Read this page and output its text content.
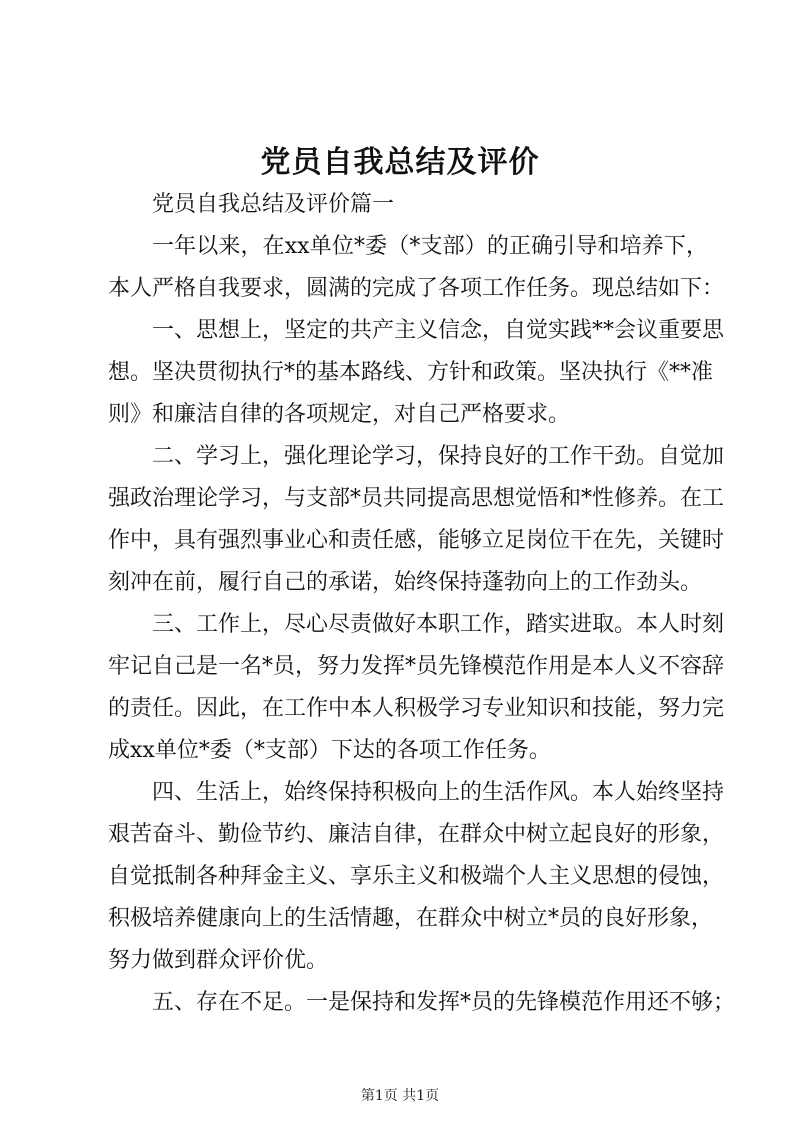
党员自我总结及评价
党员自我总结及评价篇一
一年以来，在xx单位*委（*支部）的正确引导和培养下，
本人严格自我要求，圆满的完成了各项工作任务。现总结如下：
一、思想上，坚定的共产主义信念，自觉实践**会议重要思
想。坚决贯彻执行*的基本路线、方针和政策。坚决执行《**准
则》和廉洁自律的各项规定，对自己严格要求。
二、学习上，强化理论学习，保持良好的工作干劲。自觉加
强政治理论学习，与支部*员共同提高思想觉悟和*性修养。在工
作中，具有强烈事业心和责任感，能够立足岗位干在先，关键时
刻冲在前，履行自己的承诺，始终保持蓬勃向上的工作劲头。
三、工作上，尽心尽责做好本职工作，踏实进取。本人时刻
牢记自己是一名*员，努力发挥*员先锋模范作用是本人义不容辞
的责任。因此，在工作中本人积极学习专业知识和技能，努力完
成xx单位*委（*支部）下达的各项工作任务。
四、生活上，始终保持积极向上的生活作风。本人始终坚持
艰苦奋斗、勤俭节约、廉洁自律，在群众中树立起良好的形象，
自觉抵制各种拜金主义、享乐主义和极端个人主义思想的侵蚀，
积极培养健康向上的生活情趣，在群众中树立*员的良好形象，
努力做到群众评价优。
五、存在不足。一是保持和发挥*员的先锋模范作用还不够；
第1页 共1页
